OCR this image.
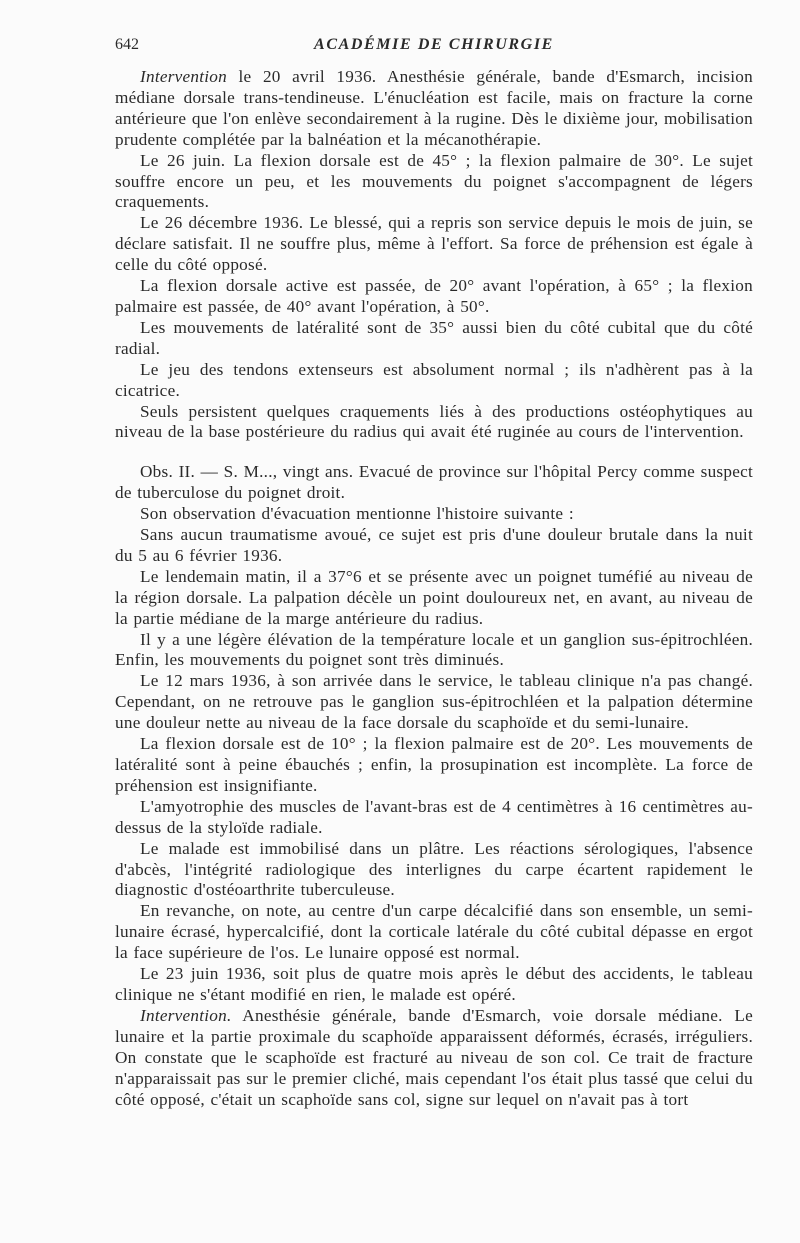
642	ACADÉMIE DE CHIRURGIE

Intervention le 20 avril 1936. Anesthésie générale, bande d'Esmarch, incision médiane dorsale trans-tendineuse. L'énucléation est facile, mais on fracture la corne antérieure que l'on enlève secondairement à la rugine. Dès le dixième jour, mobilisation prudente complétée par la balnéation et la mécanothérapie.

Le 26 juin. La flexion dorsale est de 45° ; la flexion palmaire de 30°. Le sujet souffre encore un peu, et les mouvements du poignet s'accompagnent de légers craquements.

Le 26 décembre 1936. Le blessé, qui a repris son service depuis le mois de juin, se déclare satisfait. Il ne souffre plus, même à l'effort. Sa force de préhension est égale à celle du côté opposé.

La flexion dorsale active est passée, de 20° avant l'opération, à 65° ; la flexion palmaire est passée, de 40° avant l'opération, à 50°.

Les mouvements de latéralité sont de 35° aussi bien du côté cubital que du côté radial.

Le jeu des tendons extenseurs est absolument normal ; ils n'adhèrent pas à la cicatrice.

Seuls persistent quelques craquements liés à des productions ostéophytiques au niveau de la base postérieure du radius qui avait été ruginée au cours de l'intervention.

Obs. II. — S. M..., vingt ans. Evacué de province sur l'hôpital Percy comme suspect de tuberculose du poignet droit.

Son observation d'évacuation mentionne l'histoire suivante :

Sans aucun traumatisme avoué, ce sujet est pris d'une douleur brutale dans la nuit du 5 au 6 février 1936.

Le lendemain matin, il a 37°6 et se présente avec un poignet tuméfié au niveau de la région dorsale. La palpation décèle un point douloureux net, en avant, au niveau de la partie médiane de la marge antérieure du radius.

Il y a une légère élévation de la température locale et un ganglion sus-épitrochléen. Enfin, les mouvements du poignet sont très diminués.

Le 12 mars 1936, à son arrivée dans le service, le tableau clinique n'a pas changé. Cependant, on ne retrouve pas le ganglion sus-épitrochléen et la palpation détermine une douleur nette au niveau de la face dorsale du scaphoïde et du semi-lunaire.

La flexion dorsale est de 10° ; la flexion palmaire est de 20°. Les mouvements de latéralité sont à peine ébauchés ; enfin, la prosupination est incomplète. La force de préhension est insignifiante.

L'amyotrophie des muscles de l'avant-bras est de 4 centimètres à 16 centimètres au-dessus de la styloïde radiale.

Le malade est immobilisé dans un plâtre. Les réactions sérologiques, l'absence d'abcès, l'intégrité radiologique des interlignes du carpe écartent rapidement le diagnostic d'ostéoarthrite tuberculeuse.

En revanche, on note, au centre d'un carpe décalcifié dans son ensemble, un semi-lunaire écrasé, hypercalcifié, dont la corticale latérale du côté cubital dépasse en ergot la face supérieure de l'os. Le lunaire opposé est normal.

Le 23 juin 1936, soit plus de quatre mois après le début des accidents, le tableau clinique ne s'étant modifié en rien, le malade est opéré.

Intervention. Anesthésie générale, bande d'Esmarch, voie dorsale médiane. Le lunaire et la partie proximale du scaphoïde apparaissent déformés, écrasés, irréguliers. On constate que le scaphoïde est fracturé au niveau de son col. Ce trait de fracture n'apparaissait pas sur le premier cliché, mais cependant l'os était plus tassé que celui du côté opposé, c'était un scaphoïde sans col, signe sur lequel on n'avait pas à tort
